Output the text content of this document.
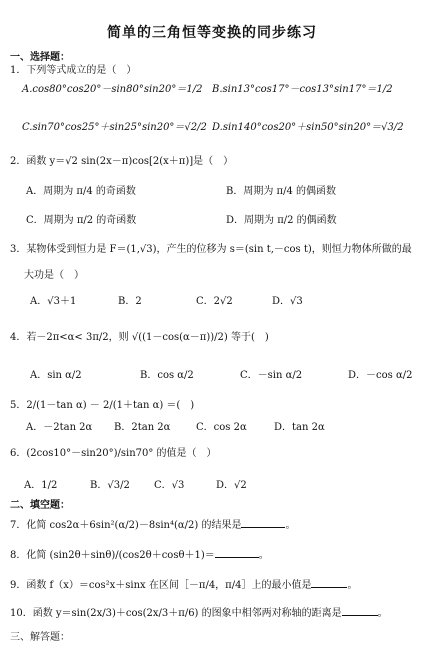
简单的三角恒等变换的同步练习
一、选择题：
1．下列等式成立的是（　）
A.cos80°cos20°－sin80°sin20°＝1/2 B.sin13°cos17°－cos13°sin17°＝1/2
C.sin70°cos25°＋sin25°sin20°＝√2/2 D.sin140°cos20°＋sin50°sin20°＝√3/2
2．函数 y＝√2 sin(2x－π)cos[2(x＋π)]是（　）
A．周期为 π/4 的奇函数	B．周期为 π/4 的偶函数
C．周期为 π/2 的奇函数	D．周期为 π/2 的偶函数
3．某物体受到恒力是 F＝(1,√3)，产生的位移为 s＝(sin t,－cos t)，则恒力物体所做的最
大功是（　）
A．√3＋1	B．2	C．2√2	D．√3
4．若－2π<α< 3π/2，则 √((1－cos(α－π))/2) 等于(　)
A．sin α/2	B．cos α/2	C．－sin α/2	D．－cos α/2
5．2/(1－tan α) － 2/(1＋tan α) ＝(　)
A．－2tan 2α B．2tan 2α	C．cos 2α	D．tan 2α
6．(2cos10°－sin20°)/sin70° 的值是（　）
A．1/2	B．√3/2 C．√3	D．√2
二、填空题：
7．化简 cos2α＋6sin²(α/2)－8sin⁴(α/2) 的结果是	。
8．化简 (sin2θ＋sinθ)/(cos2θ＋cosθ＋1)＝	。
9．函数 f（x）＝cos²x＋sinx 在区间［－π/4，π/4］上的最小值是	。
10．函数 y＝sin(2x/3)＋cos(2x/3＋π/6) 的图象中相邻两对称轴的距离是	。
三、解答题：
